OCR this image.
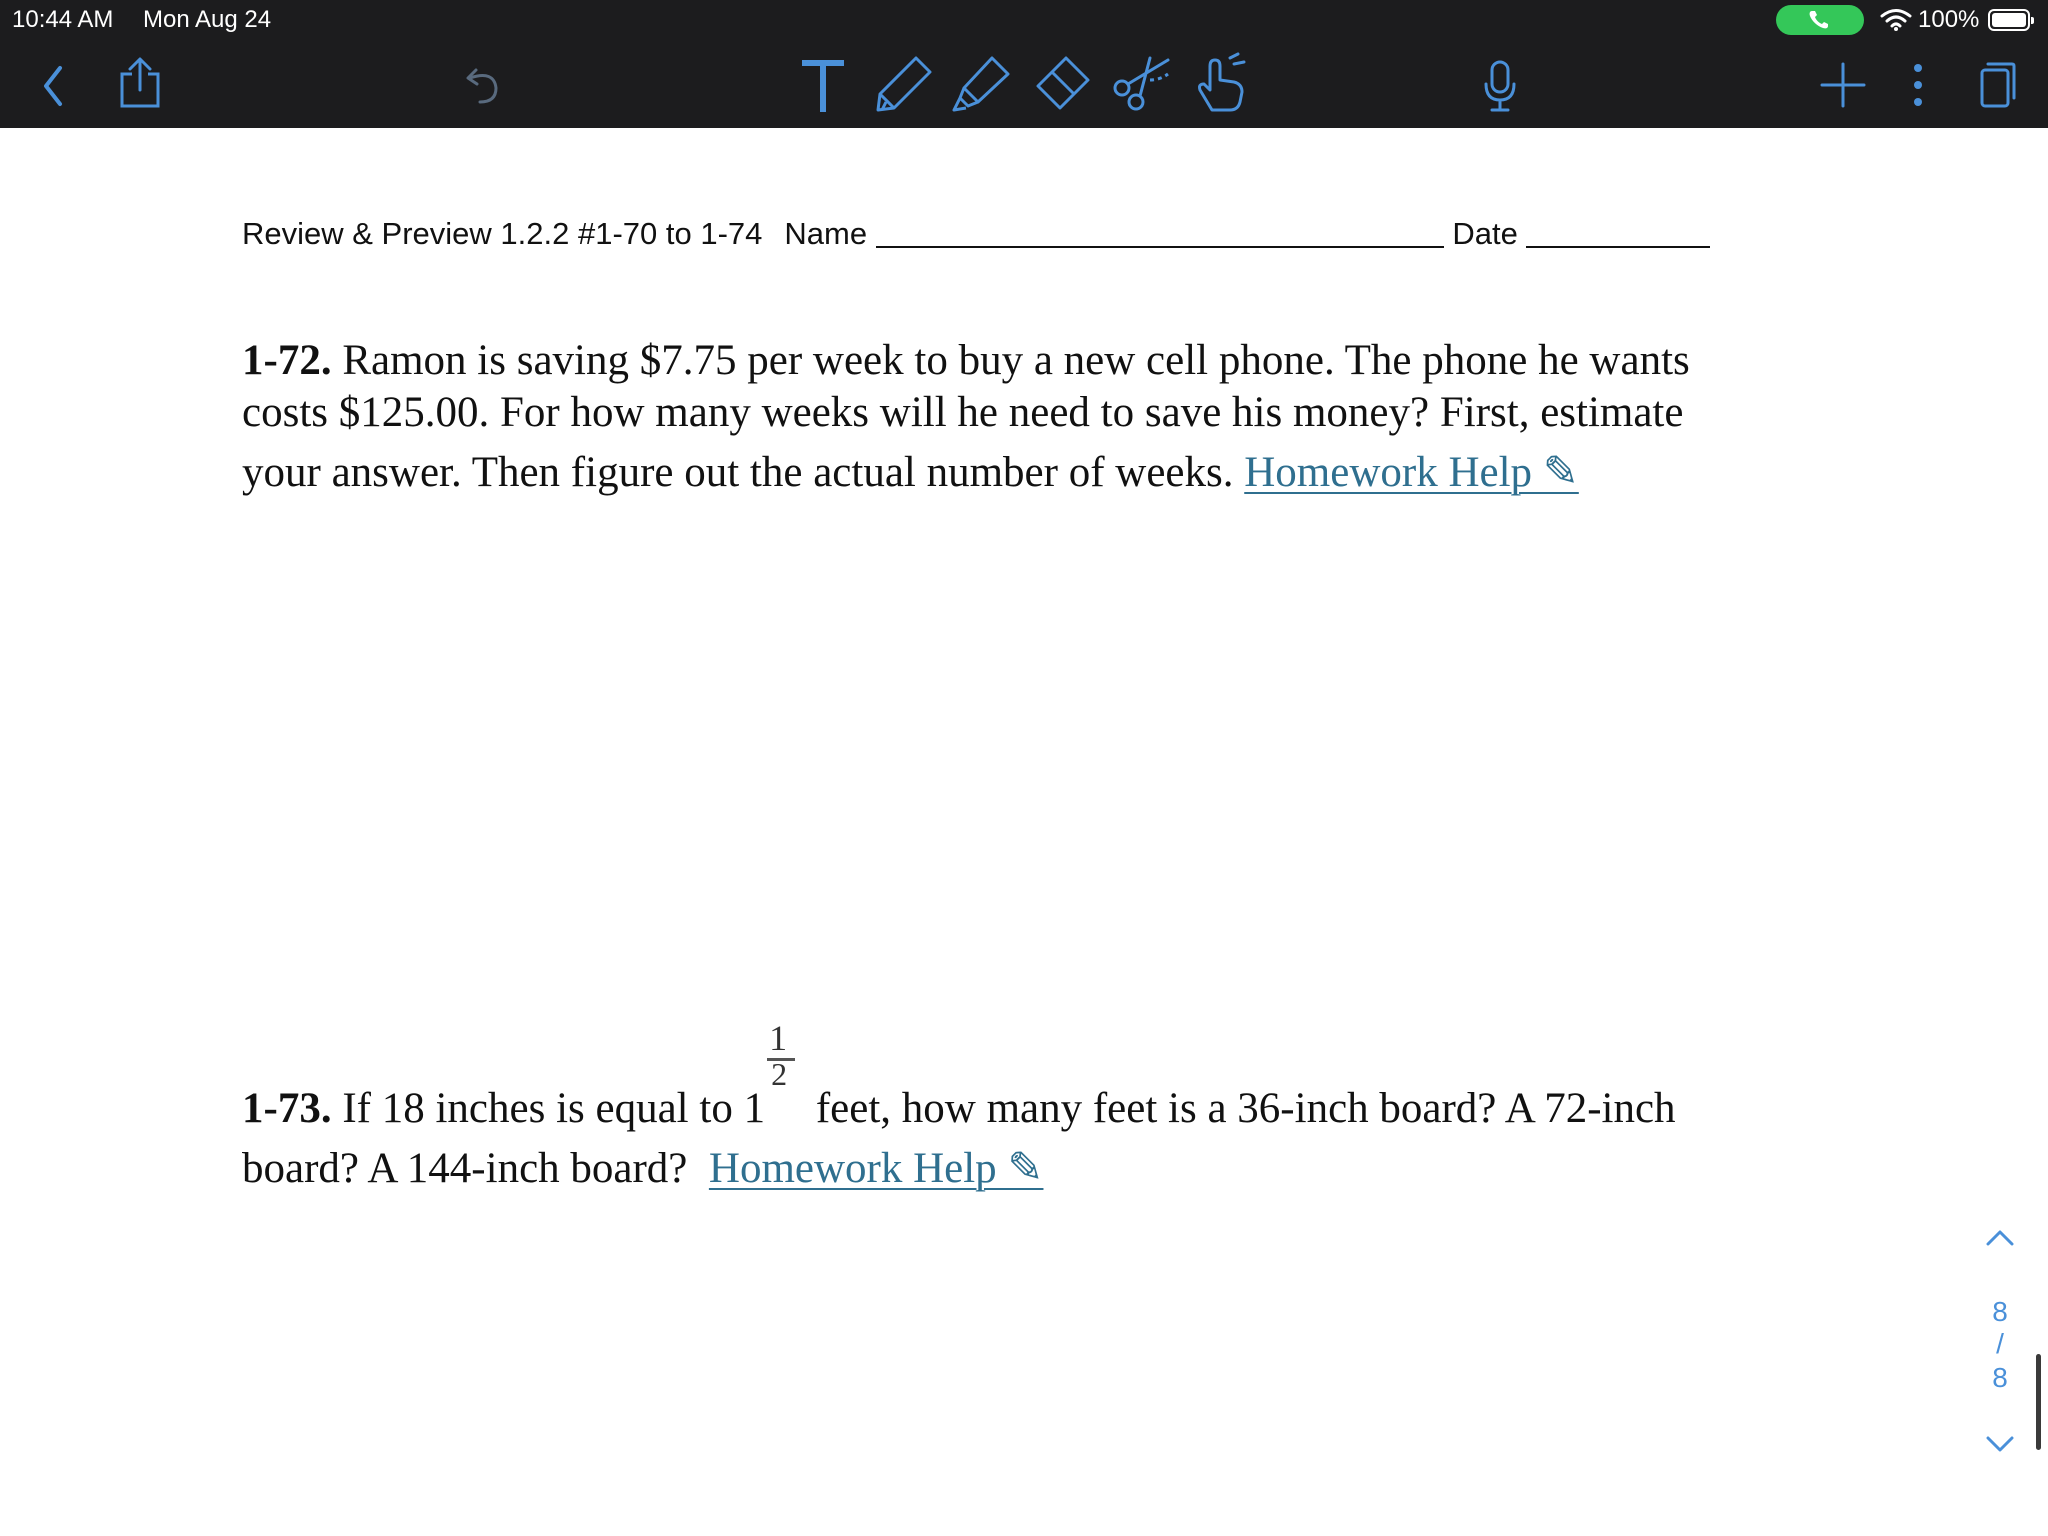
10:44 AM Mon Aug 24	100%
Review & Preview 1.2.2 #1-70 to 1-74 Name	Date
1-72. Ramon is saving $7.75 per week to buy a new cell phone. The phone he wants
costs $125.00. For how many weeks will he need to save his money? First, estimate
your answer. Then figure out the actual number of weeks. Homework Help ✎
1-73. If 18 inches is equal to $1 \frac{1}{2}$ feet, how many feet is a 36-inch board? A 72-inch
board? A 144-inch board? Homework Help ✎
8
/
8
